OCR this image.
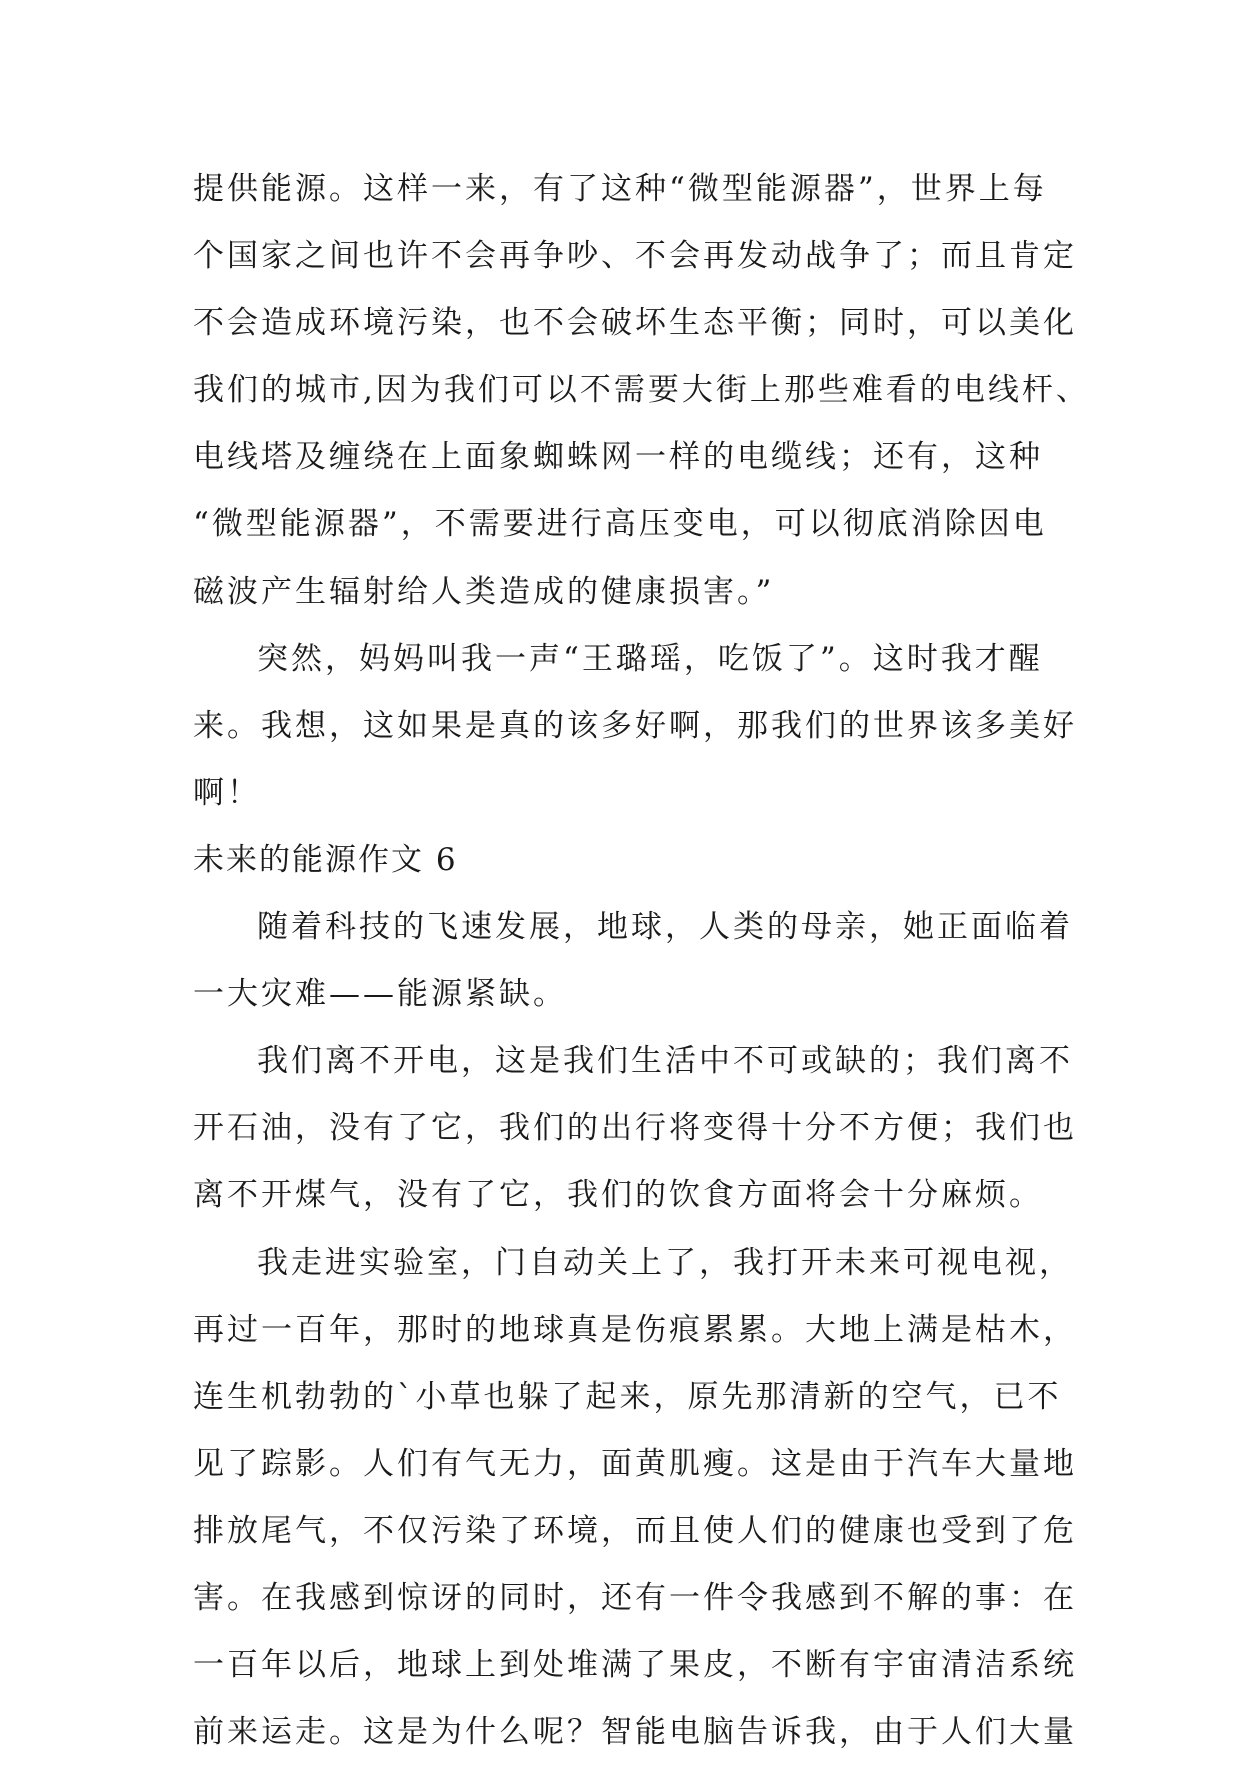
提供能源。这样一来，有了这种“微型能源器”，世界上每
个国家之间也许不会再争吵、不会再发动战争了；而且肯定
不会造成环境污染，也不会破坏生态平衡；同时，可以美化
我们的城市,因为我们可以不需要大街上那些难看的电线杆、
电线塔及缠绕在上面象蜘蛛网一样的电缆线；还有，这种
“微型能源器”，不需要进行高压变电，可以彻底消除因电
磁波产生辐射给人类造成的健康损害。”
突然，妈妈叫我一声“王璐瑶，吃饭了”。这时我才醒
来。我想，这如果是真的该多好啊，那我们的世界该多美好
啊！
未来的能源作文 6
随着科技的飞速发展，地球，人类的母亲，她正面临着
一大灾难——能源紧缺。
我们离不开电，这是我们生活中不可或缺的；我们离不
开石油，没有了它，我们的出行将变得十分不方便；我们也
离不开煤气，没有了它，我们的饮食方面将会十分麻烦。
我走进实验室，门自动关上了，我打开未来可视电视，
再过一百年，那时的地球真是伤痕累累。大地上满是枯木，
连生机勃勃的`小草也躲了起来，原先那清新的空气，已不
见了踪影。人们有气无力，面黄肌瘦。这是由于汽车大量地
排放尾气，不仅污染了环境，而且使人们的健康也受到了危
害。在我感到惊讶的同时，还有一件令我感到不解的事：在
一百年以后，地球上到处堆满了果皮，不断有宇宙清洁系统
前来运走。这是为什么呢？智能电脑告诉我，由于人们大量
